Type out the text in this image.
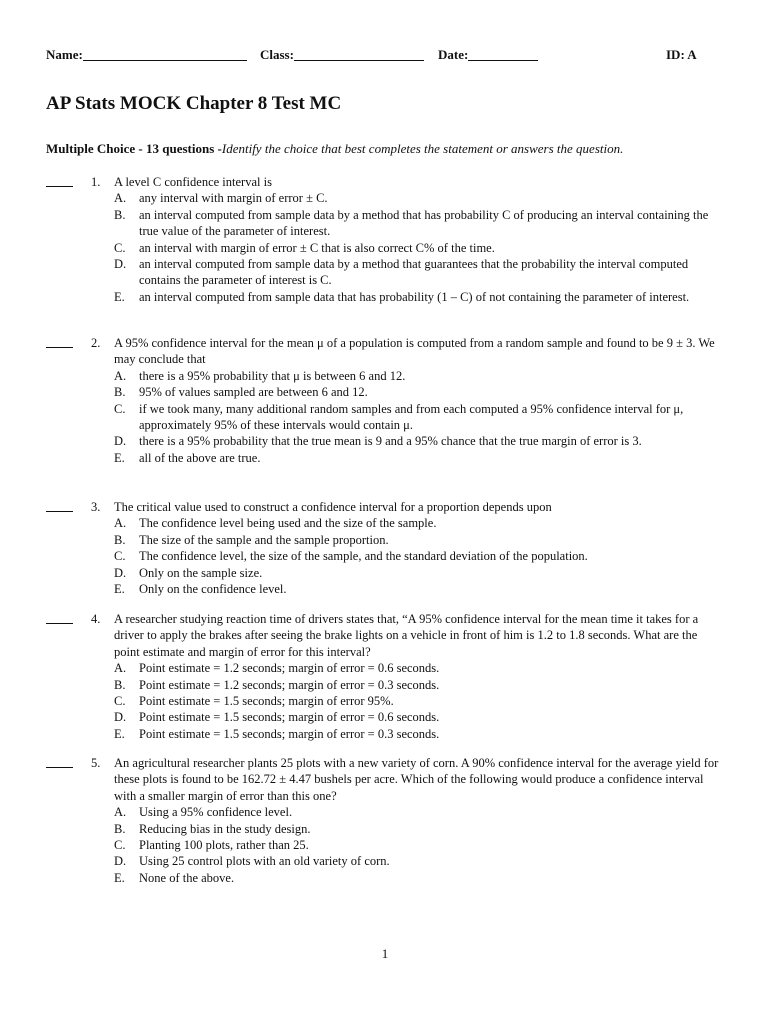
Name:	Class:	Date:	ID: A
AP Stats MOCK Chapter 8 Test MC
Multiple Choice - 13 questions -Identify the choice that best completes the statement or answers the question.
1. A level C confidence interval is
A. any interval with margin of error ± C.
B. an interval computed from sample data by a method that has probability C of producing an interval containing the true value of the parameter of interest.
C. an interval with margin of error ± C that is also correct C% of the time.
D. an interval computed from sample data by a method that guarantees that the probability the interval computed contains the parameter of interest is C.
E. an interval computed from sample data that has probability (1 – C) of not containing the parameter of interest.
2. A 95% confidence interval for the mean μ of a population is computed from a random sample and found to be 9 ± 3. We may conclude that
A. there is a 95% probability that μ is between 6 and 12.
B. 95% of values sampled are between 6 and 12.
C. if we took many, many additional random samples and from each computed a 95% confidence interval for μ, approximately 95% of these intervals would contain μ.
D. there is a 95% probability that the true mean is 9 and a 95% chance that the true margin of error is 3.
E. all of the above are true.
3. The critical value used to construct a confidence interval for a proportion depends upon
A. The confidence level being used and the size of the sample.
B. The size of the sample and the sample proportion.
C. The confidence level, the size of the sample, and the standard deviation of the population.
D. Only on the sample size.
E. Only on the confidence level.
4. A researcher studying reaction time of drivers states that, “A 95% confidence interval for the mean time it takes for a driver to apply the brakes after seeing the brake lights on a vehicle in front of him is 1.2 to 1.8 seconds. What are the point estimate and margin of error for this interval?
A. Point estimate = 1.2 seconds; margin of error = 0.6 seconds.
B. Point estimate = 1.2 seconds; margin of error = 0.3 seconds.
C. Point estimate = 1.5 seconds; margin of error 95%.
D. Point estimate = 1.5 seconds; margin of error = 0.6 seconds.
E. Point estimate = 1.5 seconds; margin of error = 0.3 seconds.
5. An agricultural researcher plants 25 plots with a new variety of corn. A 90% confidence interval for the average yield for these plots is found to be 162.72 ± 4.47 bushels per acre. Which of the following would produce a confidence interval with a smaller margin of error than this one?
A. Using a 95% confidence level.
B. Reducing bias in the study design.
C. Planting 100 plots, rather than 25.
D. Using 25 control plots with an old variety of corn.
E. None of the above.
1
